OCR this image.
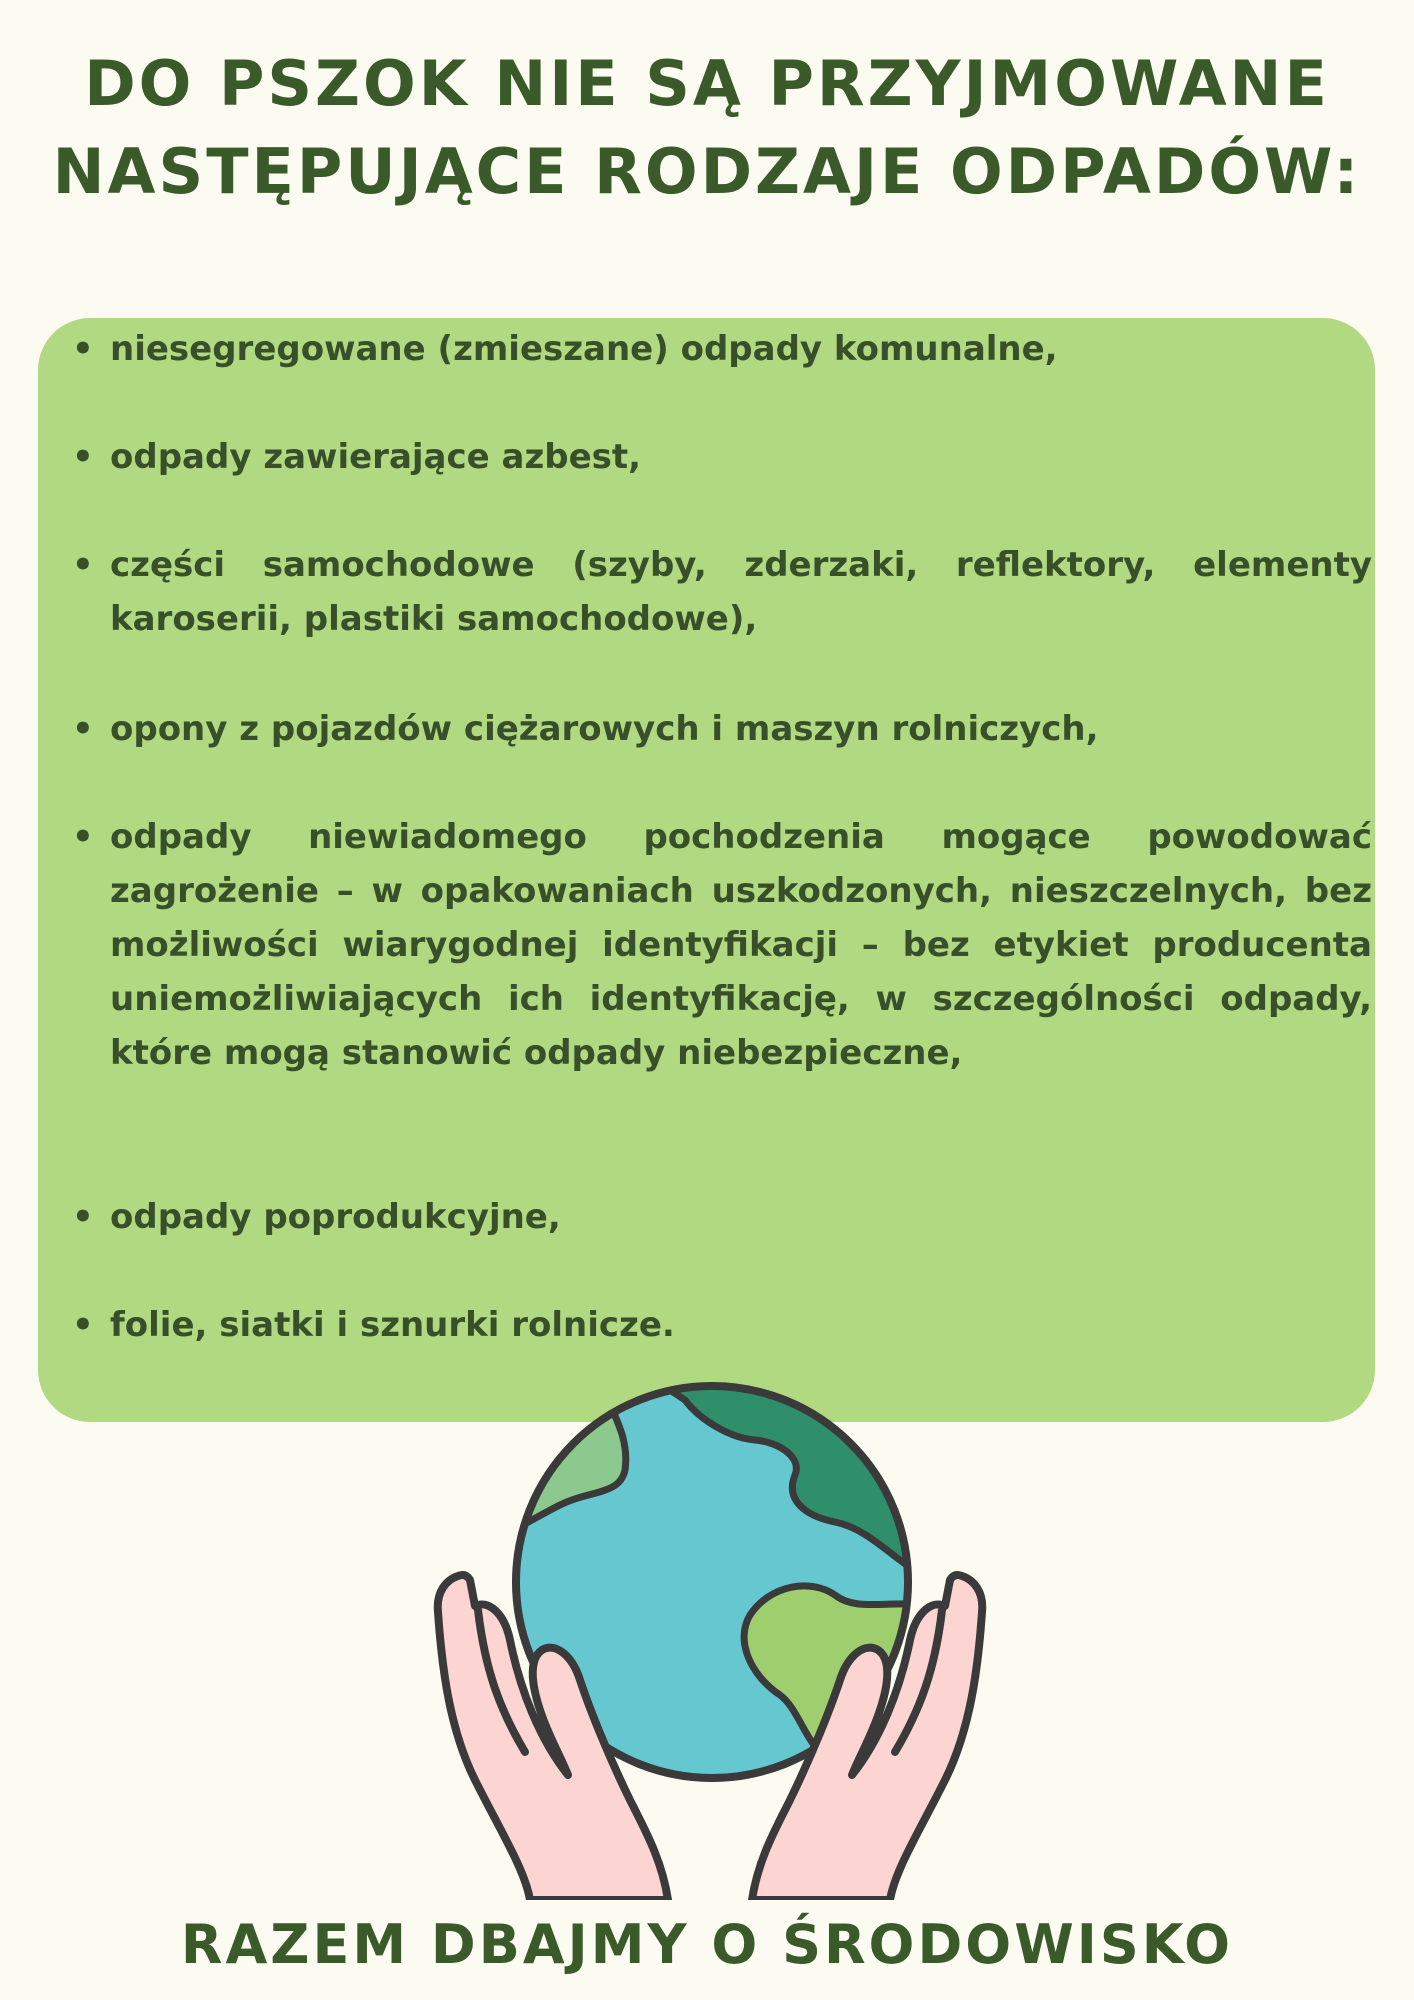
DO PSZOK NIE SĄ PRZYJMOWANE
NASTĘPUJĄCE RODZAJE ODPADÓW:
• niesegregowane (zmieszane) odpady komunalne,
• odpady zawierające azbest,
• części samochodowe (szyby, zderzaki, reflektory, elementy karoserii, plastiki samochodowe),
• opony z pojazdów ciężarowych i maszyn rolniczych,
• odpady niewiadomego pochodzenia mogące powodować zagrożenie – w opakowaniach uszkodzonych, nieszczelnych, bez możliwości wiarygodnej identyfikacji – bez etykiet producenta uniemożliwiających ich identyfikację, w szczególności odpady, które mogą stanowić odpady niebezpieczne,
• odpady poprodukcyjne,
• folie, siatki i sznurki rolnicze.
RAZEM DBAJMY O ŚRODOWISKO
